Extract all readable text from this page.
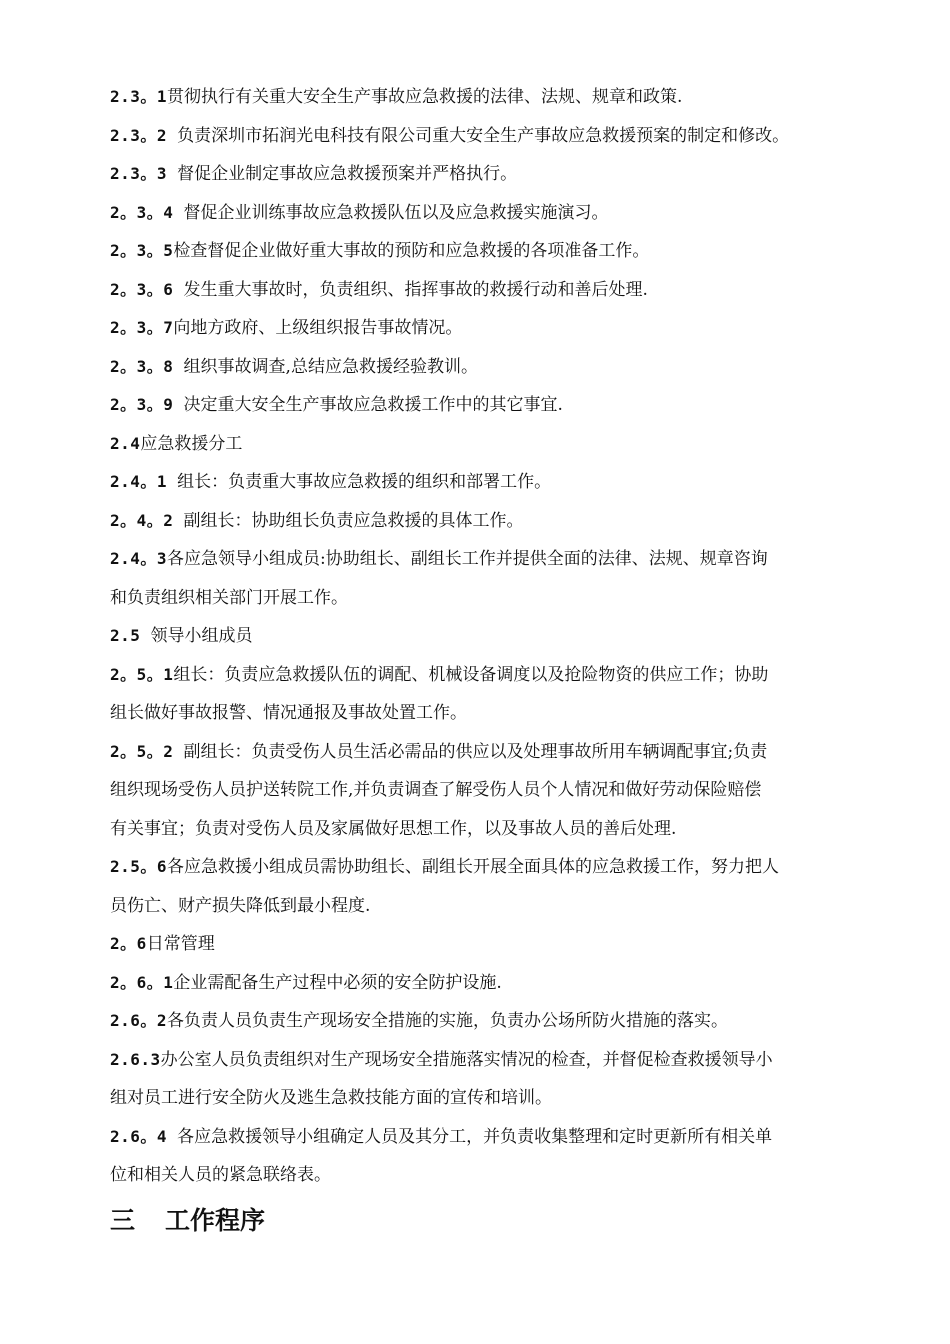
2.3。1贯彻执行有关重大安全生产事故应急救援的法律、法规、规章和政策.
2.3。2 负责深圳市拓润光电科技有限公司重大安全生产事故应急救援预案的制定和修改。
2.3。3 督促企业制定事故应急救援预案并严格执行。
2。3。4 督促企业训练事故应急救援队伍以及应急救援实施演习。
2。3。5检查督促企业做好重大事故的预防和应急救援的各项准备工作。
2。3。6 发生重大事故时，负责组织、指挥事故的救援行动和善后处理.
2。3。7向地方政府、上级组织报告事故情况。
2。3。8 组织事故调查,总结应急救援经验教训。
2。3。9 决定重大安全生产事故应急救援工作中的其它事宜.
2.4应急救援分工
2.4。1 组长：负责重大事故应急救援的组织和部署工作。
2。4。2 副组长：协助组长负责应急救援的具体工作。
2.4。3各应急领导小组成员:协助组长、副组长工作并提供全面的法律、法规、规章咨询
和负责组织相关部门开展工作。
2.5 领导小组成员
2。5。1组长：负责应急救援队伍的调配、机械设备调度以及抢险物资的供应工作；协助
组长做好事故报警、情况通报及事故处置工作。
2。5。2 副组长：负责受伤人员生活必需品的供应以及处理事故所用车辆调配事宜;负责
组织现场受伤人员护送转院工作,并负责调查了解受伤人员个人情况和做好劳动保险赔偿
有关事宜；负责对受伤人员及家属做好思想工作，以及事故人员的善后处理.
2.5。6各应急救援小组成员需协助组长、副组长开展全面具体的应急救援工作，努力把人
员伤亡、财产损失降低到最小程度.
2。6日常管理
2。6。1企业需配备生产过程中必须的安全防护设施.
2.6。2各负责人员负责生产现场安全措施的实施，负责办公场所防火措施的落实。
2.6.3办公室人员负责组织对生产现场安全措施落实情况的检查，并督促检查救援领导小
组对员工进行安全防火及逃生急救技能方面的宣传和培训。
2.6。4 各应急救援领导小组确定人员及其分工，并负责收集整理和定时更新所有相关单
位和相关人员的紧急联络表。
三 工作程序
